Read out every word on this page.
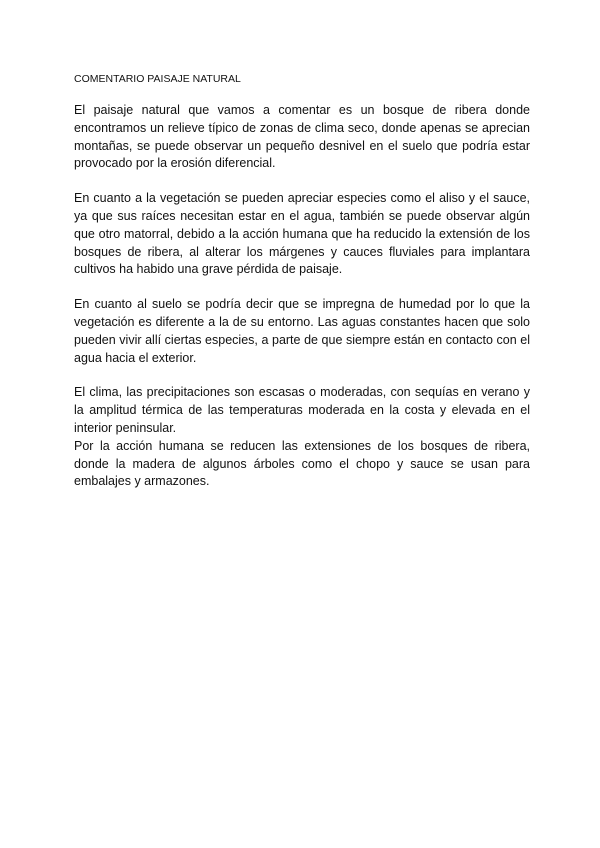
COMENTARIO PAISAJE NATURAL

El paisaje natural que vamos a comentar es un bosque de ribera donde encontramos un relieve típico de zonas de clima seco, donde apenas se aprecian montañas, se puede observar un pequeño desnivel en el suelo que podría estar provocado por la erosión diferencial.

En cuanto a la vegetación se pueden apreciar especies como el aliso y el sauce, ya que sus raíces necesitan estar en el agua, también se puede observar algún que otro matorral, debido a la acción humana que ha reducido la extensión de los bosques de ribera, al alterar los márgenes y cauces fluviales para implantara cultivos ha habido una grave pérdida de paisaje.

En cuanto al suelo se podría decir que se impregna de humedad por lo que la vegetación es diferente a la de su entorno. Las aguas constantes hacen que solo pueden vivir allí ciertas especies, a parte de que siempre están en contacto con el agua hacia el exterior.

El clima, las precipitaciones son escasas o moderadas, con sequías en verano y la amplitud térmica de las temperaturas moderada en la costa y elevada en el interior peninsular.

Por la acción humana se reducen las extensiones de los bosques de ribera, donde la madera de algunos árboles como el chopo y sauce se usan para embalajes y armazones.
